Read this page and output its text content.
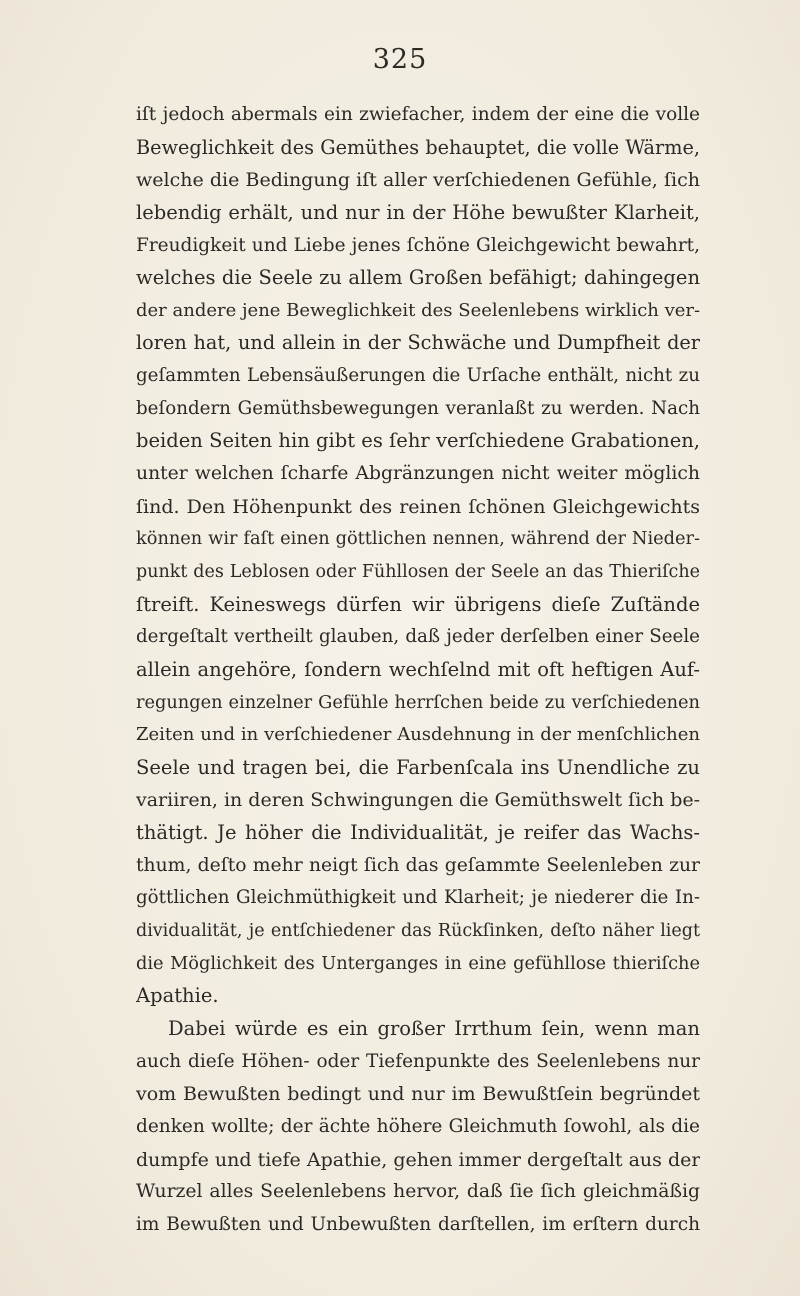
325
iſt jedoch abermals ein zwiefacher, indem der eine die volle
Beweglichkeit des Gemüthes behauptet, die volle Wärme,
welche die Bedingung iſt aller verſchiedenen Gefühle, ſich
lebendig erhält, und nur in der Höhe bewußter Klarheit,
Freudigkeit und Liebe jenes ſchöne Gleichgewicht bewahrt,
welches die Seele zu allem Großen befähigt; dahingegen
der andere jene Beweglichkeit des Seelenlebens wirklich ver-
loren hat, und allein in der Schwäche und Dumpfheit der
geſammten Lebensäußerungen die Urſache enthält, nicht zu
beſondern Gemüthsbewegungen veranlaßt zu werden. Nach
beiden Seiten hin gibt es ſehr verſchiedene Grabationen,
unter welchen ſcharfe Abgränzungen nicht weiter möglich
ſind. Den Höhenpunkt des reinen ſchönen Gleichgewichts
können wir faſt einen göttlichen nennen, während der Nieder-
punkt des Leblosen oder Fühllosen der Seele an das Thieriſche
ſtreift. Keineswegs dürfen wir übrigens dieſe Zuſtände
dergeſtalt vertheilt glauben, daß jeder derſelben einer Seele
allein angehöre, ſondern wechſelnd mit oft heftigen Auf-
regungen einzelner Gefühle herrſchen beide zu verſchiedenen
Zeiten und in verſchiedener Ausdehnung in der menſchlichen
Seele und tragen bei, die Farbenſcala ins Unendliche zu
variiren, in deren Schwingungen die Gemüthswelt ſich be-
thätigt. Je höher die Individualität, je reifer das Wachs-
thum, deſto mehr neigt ſich das geſammte Seelenleben zur
göttlichen Gleichmüthigkeit und Klarheit; je niederer die In-
dividualität, je entſchiedener das Rückſinken, deſto näher liegt
die Möglichkeit des Unterganges in eine gefühllose thieriſche
Apathie.
Dabei würde es ein großer Irrthum ſein, wenn man
auch dieſe Höhen- oder Tiefenpunkte des Seelenlebens nur
vom Bewußten bedingt und nur im Bewußtſein begründet
denken wollte; der ächte höhere Gleichmuth ſowohl, als die
dumpfe und tiefe Apathie, gehen immer dergeſtalt aus der
Wurzel alles Seelenlebens hervor, daß ſie ſich gleichmäßig
im Bewußten und Unbewußten darſtellen, im erſtern durch
